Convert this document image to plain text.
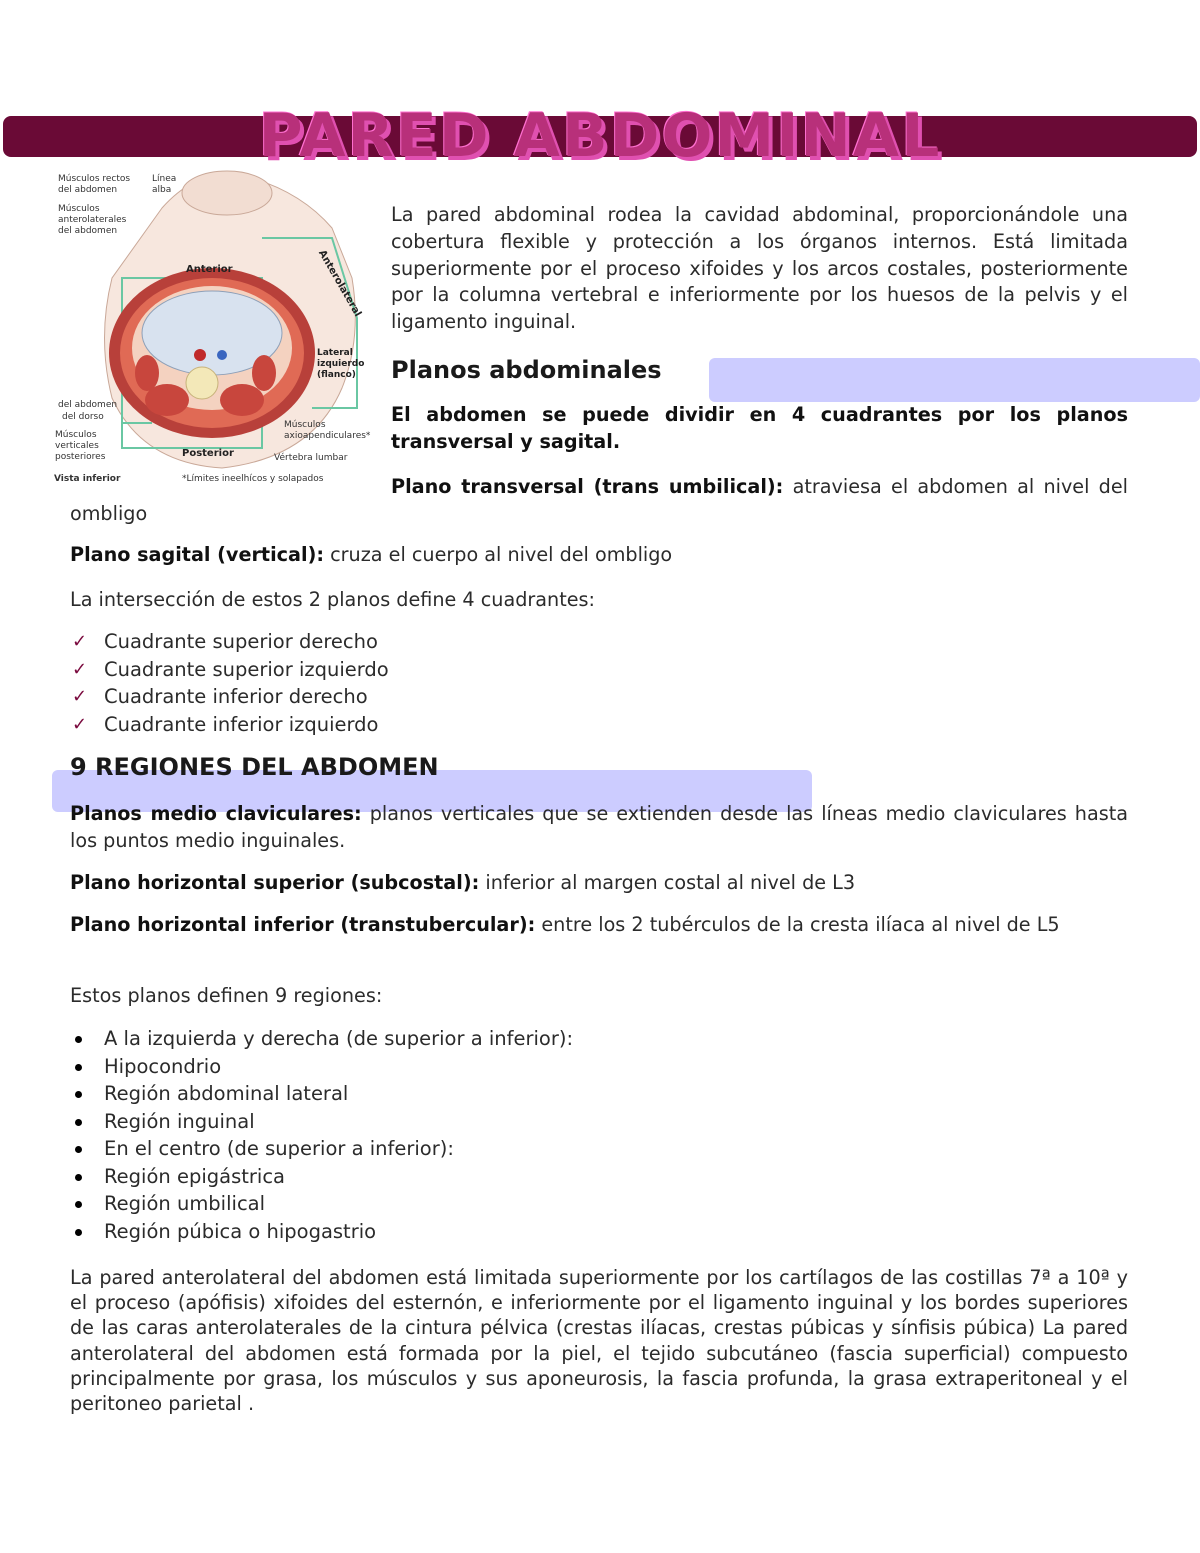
PARED ABDOMINAL
Músculos rectos del abdomen
Línea alba
Músculos anterolaterales del abdomen
Anterior	Anterolateral
Lateral izquierdo (flanco)
del abdomen
del dorso
Músculos verticales posteriores
Músculos axioapendiculares*
Posterior	Vértebra lumbar
Vista inferior	*Límites ineelhícos y solapados

La pared abdominal rodea la cavidad abdominal, proporcionándole una cobertura flexible y protección a los órganos internos. Está limitada superiormente por el proceso xifoides y los arcos costales, posteriormente por la columna vertebral e inferiormente por los huesos de la pelvis y el ligamento inguinal.

Planos abdominales

El abdomen se puede dividir en 4 cuadrantes por los planos transversal y sagital.

Plano transversal (trans umbilical): atraviesa el abdomen al nivel del ombligo

Plano sagital (vertical): cruza el cuerpo al nivel del ombligo

La intersección de estos 2 planos define 4 cuadrantes:

✓ Cuadrante superior derecho
✓ Cuadrante superior izquierdo
✓ Cuadrante inferior derecho
✓ Cuadrante inferior izquierdo
9 REGIONES DEL ABDOMEN

Planos medio claviculares: planos verticales que se extienden desde las líneas medio claviculares hasta los puntos medio inguinales.

Plano horizontal superior (subcostal): inferior al margen costal al nivel de L3

Plano horizontal inferior (transtubercular): entre los 2 tubérculos de la cresta ilíaca al nivel de L5

Estos planos definen 9 regiones:

A la izquierda y derecha (de superior a inferior):
Hipocondrio
Región abdominal lateral
Región inguinal
En el centro (de superior a inferior):
Región epigástrica
Región umbilical
Región púbica o hipogastrio

La pared anterolateral del abdomen está limitada superiormente por los cartílagos de las costillas 7ª a 10ª y el proceso (apófisis) xifoides del esternón, e inferiormente por el ligamento inguinal y los bordes superiores de las caras anterolaterales de la cintura pélvica (crestas ilíacas, crestas púbicas y sínfisis púbica) La pared anterolateral del abdomen está formada por la piel, el tejido subcutáneo (fascia superficial) compuesto principalmente por grasa, los músculos y sus aponeurosis, la fascia profunda, la grasa extraperitoneal y el peritoneo parietal .
